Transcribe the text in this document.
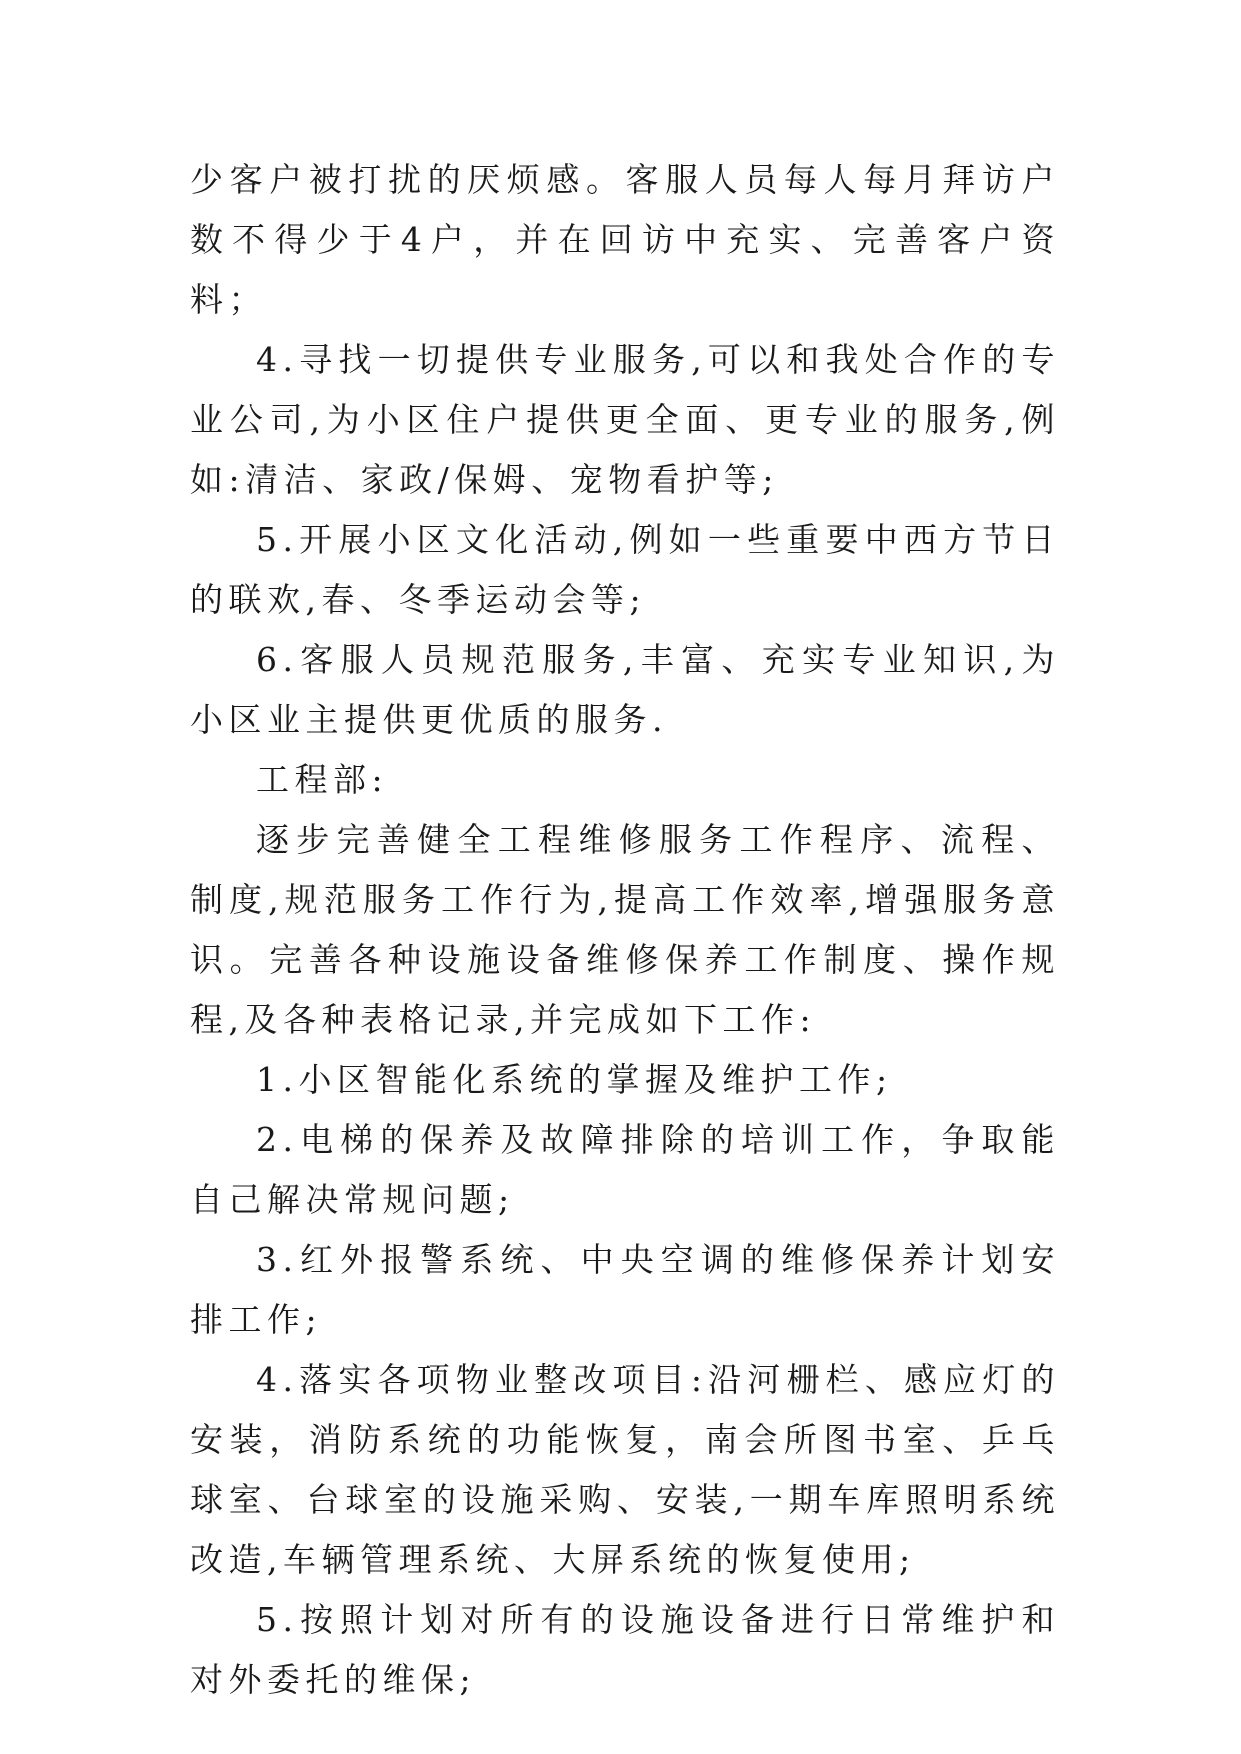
少客户被打扰的厌烦感。客服人员每人每月拜访户数不得少于4户，并在回访中充实、完善客户资料；

4.寻找一切提供专业服务,可以和我处合作的专业公司,为小区住户提供更全面、更专业的服务,例如:清洁、家政/保姆、宠物看护等;

5.开展小区文化活动,例如一些重要中西方节日的联欢,春、冬季运动会等;

6.客服人员规范服务,丰富、充实专业知识,为小区业主提供更优质的服务.

工程部:

逐步完善健全工程维修服务工作程序、流程、制度,规范服务工作行为,提高工作效率,增强服务意识。完善各种设施设备维修保养工作制度、操作规程,及各种表格记录,并完成如下工作:

1.小区智能化系统的掌握及维护工作;

2.电梯的保养及故障排除的培训工作，争取能自己解决常规问题;

3.红外报警系统、中央空调的维修保养计划安排工作;

4.落实各项物业整改项目:沿河栅栏、感应灯的安装，消防系统的功能恢复，南会所图书室、乒乓球室、台球室的设施采购、安装,一期车库照明系统改造,车辆管理系统、大屏系统的恢复使用;

5.按照计划对所有的设施设备进行日常维护和对外委托的维保;
